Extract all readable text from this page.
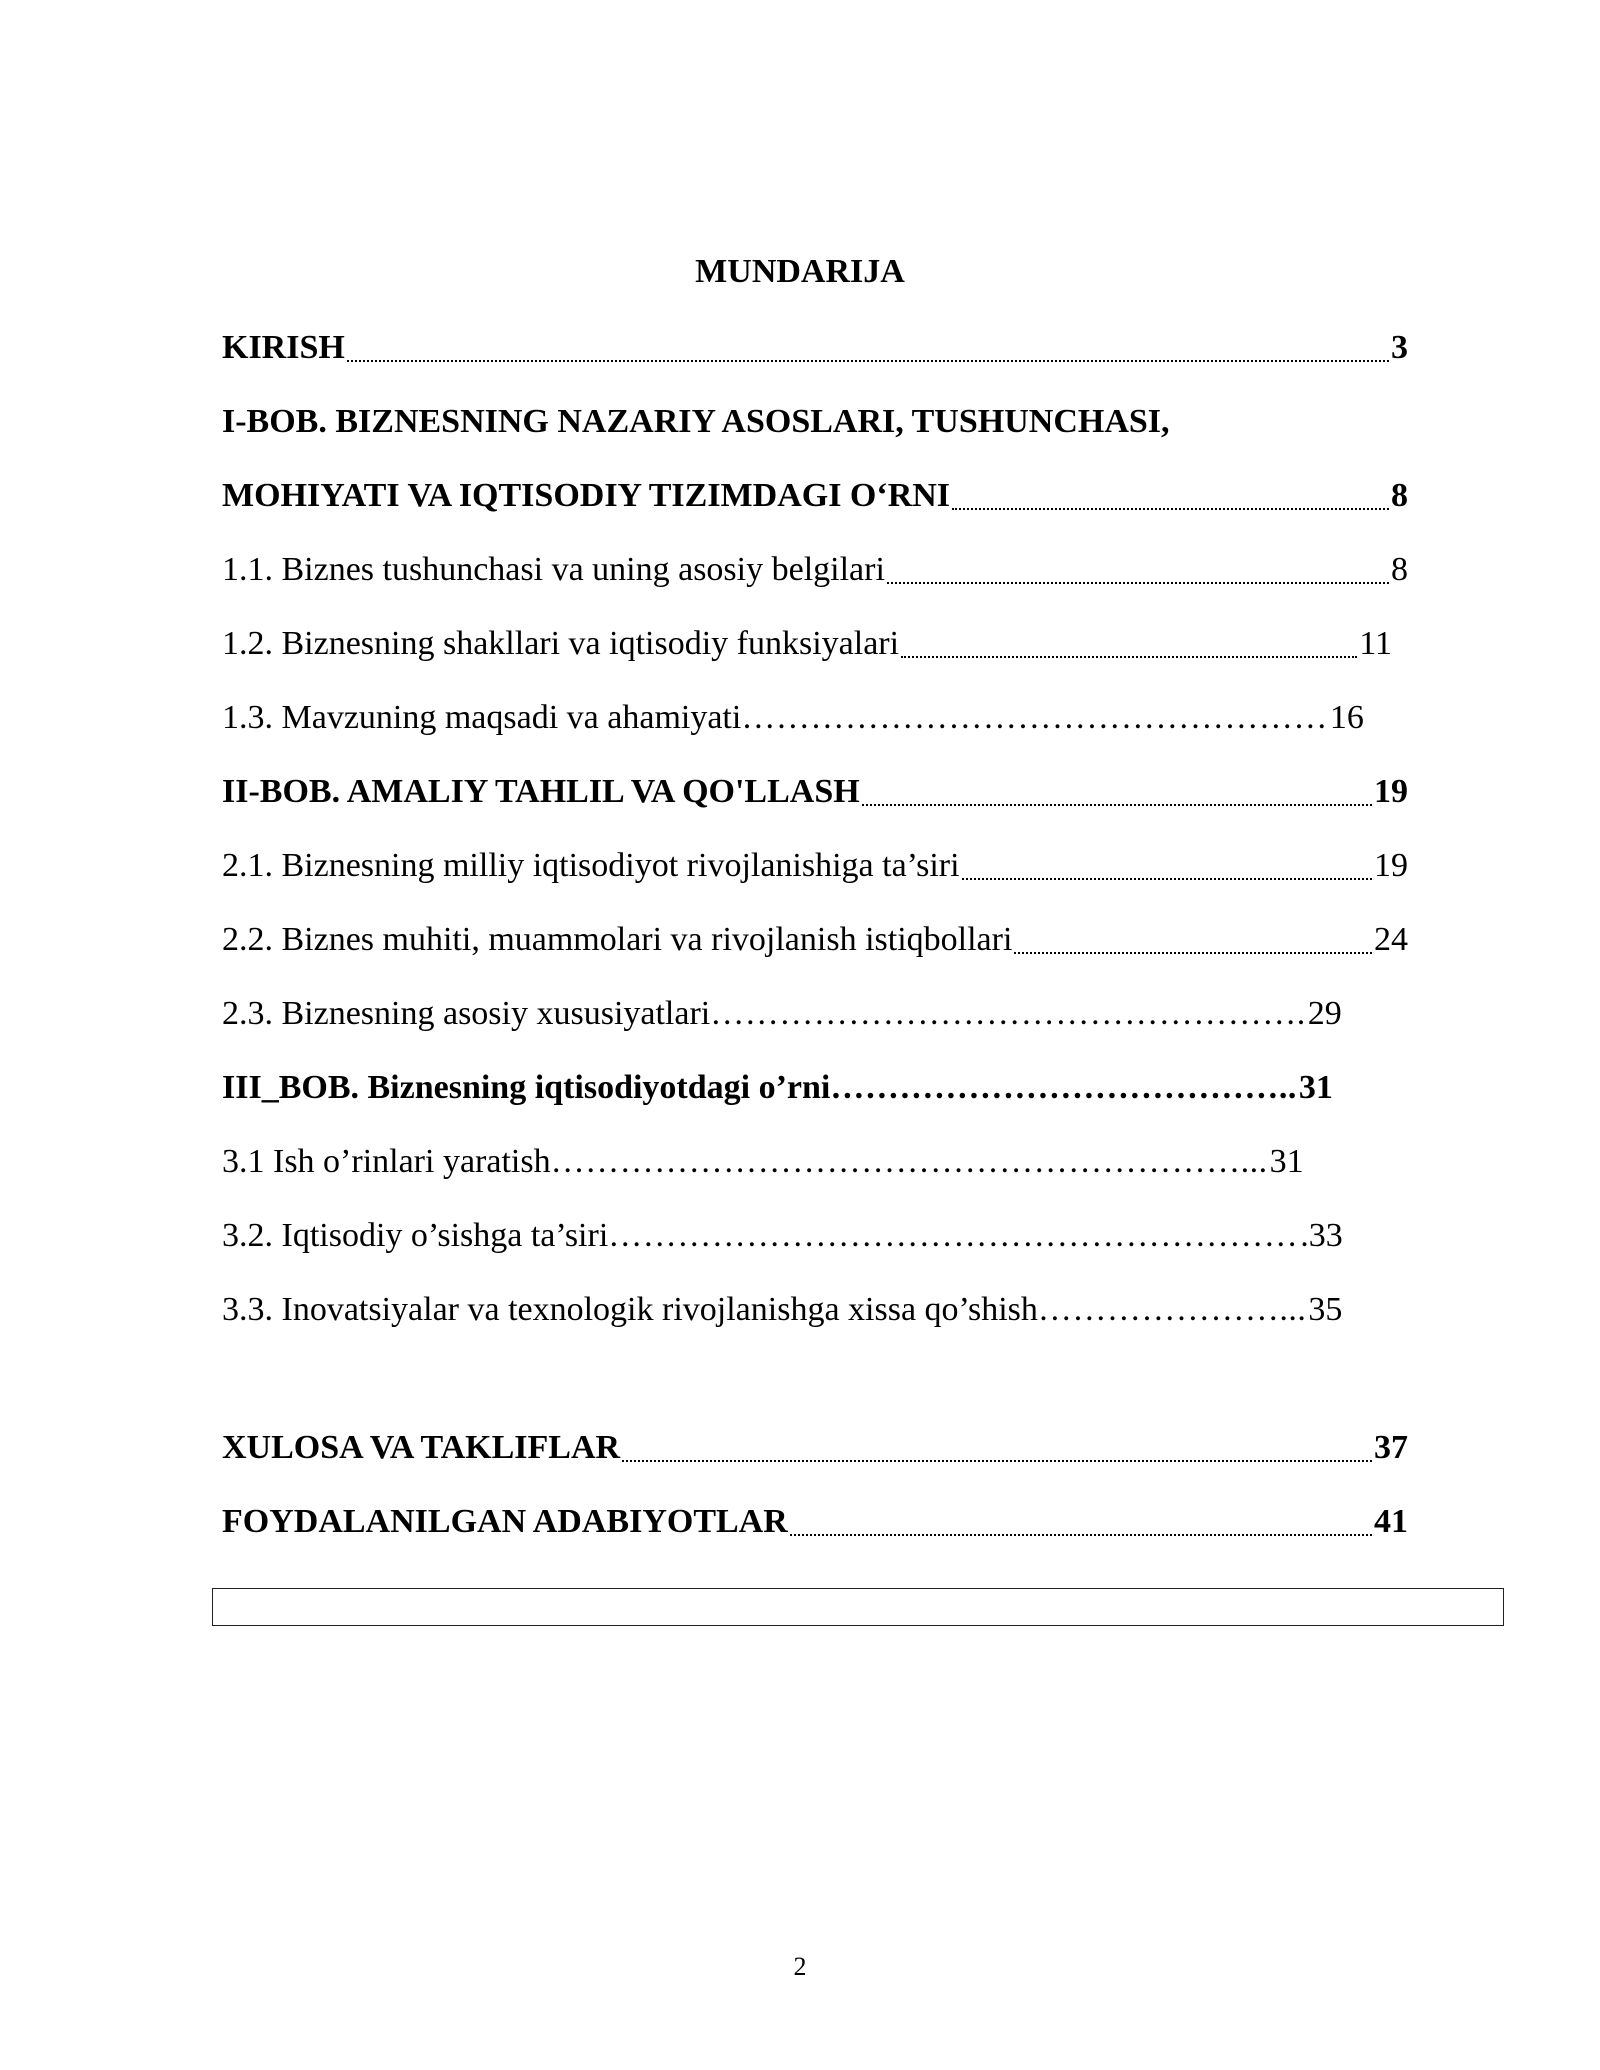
MUNDARIJA
KIRISH	3
I-BOB. BIZNESNING NAZARIY ASOSLARI, TUSHUNCHASI,
MOHIYATI VA IQTISODIY TIZIMDAGI O‘RNI	8
1.1. Biznes tushunchasi va uning asosiy belgilari	8
1.2. Biznesning shakllari va iqtisodiy funksiyalari	11
1.3. Mavzuning maqsadi va ahamiyati …………………………………………… 16
II-BOB. AMALIY TAHLIL VA QO'LLASH	19
2.1. Biznesning milliy iqtisodiyot rivojlanishiga ta’siri	19
2.2. Biznes muhiti, muammolari va rivojlanish istiqbollari	24
2.3. Biznesning asosiy xususiyatlari ……………………………………………. 29
III_BOB. Biznesning iqtisodiyotdagi o’rni ………………………………….. 31
3.1 Ish o’rinlari yaratish ……………………………………………………... 31
3.2. Iqtisodiy o’sishga ta’siri …………………………………………………… .33
3.3. Inovatsiyalar va texnologik rivojlanishga xissa qo’shish …………………... 35
XULOSA VA TAKLIFLAR	37
FOYDALANILGAN ADABIYOTLAR	41
2
